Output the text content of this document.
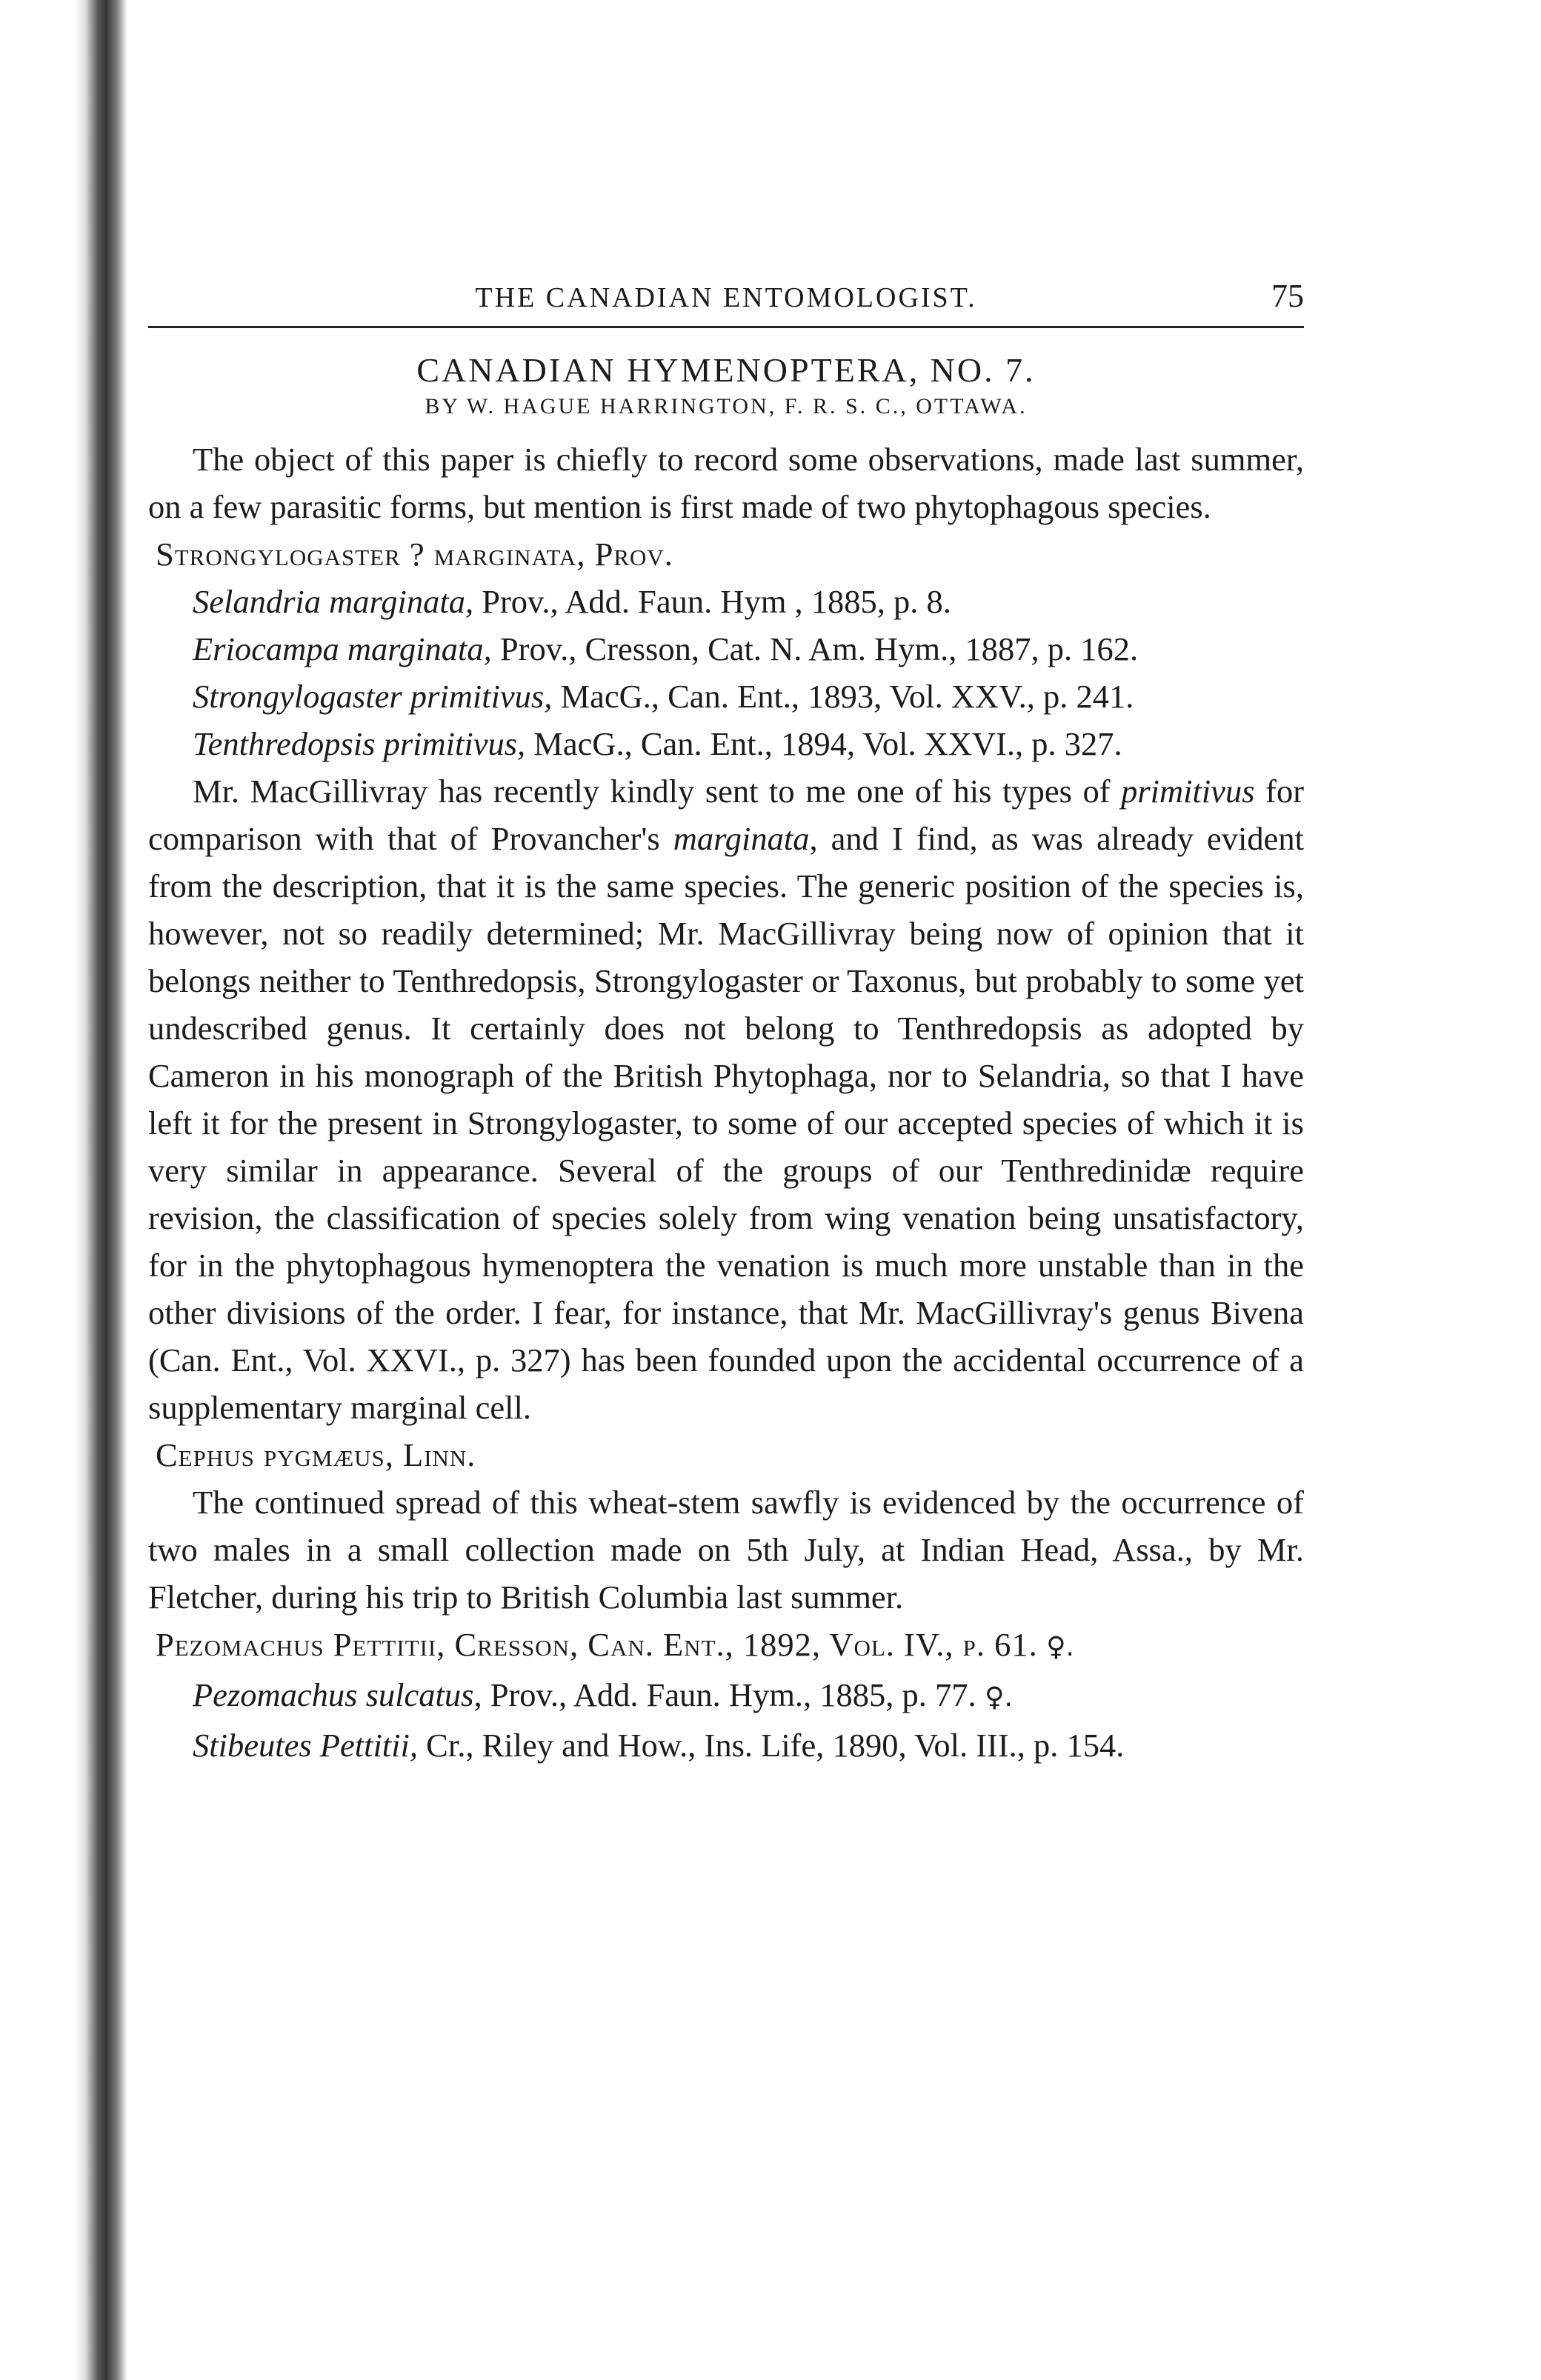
THE CANADIAN ENTOMOLOGIST.	75
CANADIAN HYMENOPTERA, NO. 7.
BY W. HAGUE HARRINGTON, F. R. S. C., OTTAWA.

The object of this paper is chiefly to record some observations, made last summer, on a few parasitic forms, but mention is first made of two phytophagous species.

Strongylogaster ? marginata, Prov.

Selandria marginata, Prov., Add. Faun. Hym , 1885, p. 8.

Eriocampa marginata, Prov., Cresson, Cat. N. Am. Hym., 1887, p. 162.

Strongylogaster primitivus, MacG., Can. Ent., 1893, Vol. XXV., p. 241.

Tenthredopsis primitivus, MacG., Can. Ent., 1894, Vol. XXVI., p. 327.

Mr. MacGillivray has recently kindly sent to me one of his types of primitivus for comparison with that of Provancher's marginata, and I find, as was already evident from the description, that it is the same species. The generic position of the species is, however, not so readily determined; Mr. MacGillivray being now of opinion that it belongs neither to Tenthredopsis, Strongylogaster or Taxonus, but probably to some yet undescribed genus. It certainly does not belong to Tenthredopsis as adopted by Cameron in his monograph of the British Phytophaga, nor to Selandria, so that I have left it for the present in Strongylogaster, to some of our accepted species of which it is very similar in appearance. Several of the groups of our Tenthredinidæ require revision, the classification of species solely from wing venation being unsatisfactory, for in the phytophagous hymenoptera the venation is much more unstable than in the other divisions of the order. I fear, for instance, that Mr. MacGillivray's genus Bivena (Can. Ent., Vol. XXVI., p. 327) has been founded upon the accidental occurrence of a supplementary marginal cell.

Cephus pygmæus, Linn.

The continued spread of this wheat-stem sawfly is evidenced by the occurrence of two males in a small collection made on 5th July, at Indian Head, Assa., by Mr. Fletcher, during his trip to British Columbia last summer.

Pezomachus Pettitii, Cresson, Can. Ent., 1892, Vol. IV., p. 61. ♀.

Pezomachus sulcatus, Prov., Add. Faun. Hym., 1885, p. 77. ♀.

Stibeutes Pettitii, Cr., Riley and How., Ins. Life, 1890, Vol. III., p. 154.
